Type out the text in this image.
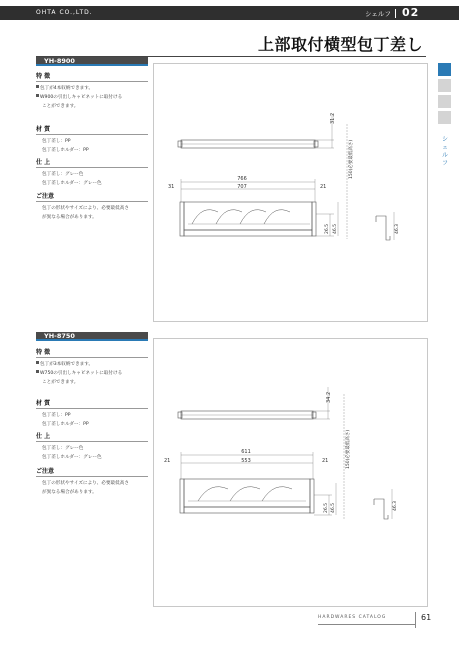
OHTA CO.,LTD.	シェルフ 02
上部取付横型包丁差し
シ
ェ
ル
フ
YH-8900
特 徴
包丁が4本収納できます。
W900の引出しキャビネットに取付ける
ことができます。
材 質
包丁差し：PP
包丁差しホルダー：PP
仕 上
包丁差し：グレー色
包丁差しホルダー：グレー色
ご注意
包丁の形状やサイズにより、必要最低高さ
が異なる場合があります。
31.2
150(必要最低高さ)
766
707
31	21
26.5 46.5	46.3
YH-8750
特 徴
包丁が3本収納できます。
W750の引出しキャビネットに取付ける
ことができます。
材 質
包丁差し：PP
包丁差しホルダー：PP
仕 上
包丁差し：グレー色
包丁差しホルダー：グレー色
ご注意
包丁の形状やサイズにより、必要最低高さ
が異なる場合があります。
34.2
150(必要最低高さ)
611
553
21	21
26.5 46.5	46.3
HARDWARES CATALOG	61
